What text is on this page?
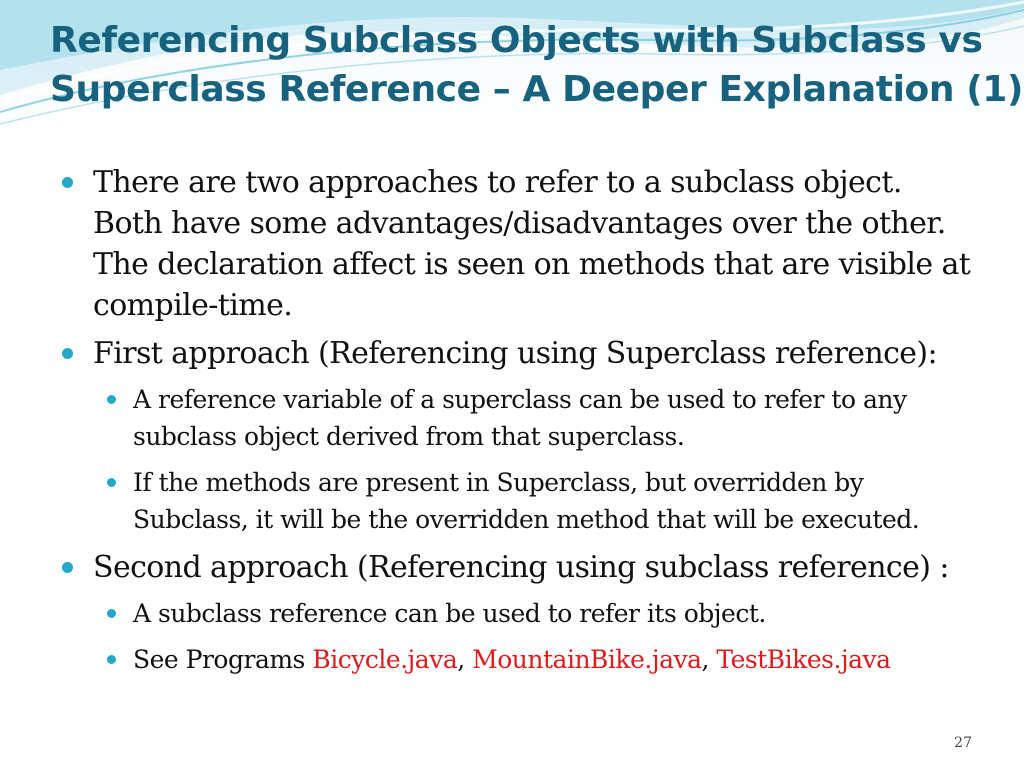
Referencing Subclass Objects with Subclass vs
Superclass Reference – A Deeper Explanation (1)
There are two approaches to refer to a subclass object. Both have some advantages/disadvantages over the other. The declaration affect is seen on methods that are visible at compile-time.
First approach (Referencing using Superclass reference):
A reference variable of a superclass can be used to refer to any subclass object derived from that superclass.
If the methods are present in Superclass, but overridden by Subclass, it will be the overridden method that will be executed.
Second approach (Referencing using subclass reference) :
A subclass reference can be used to refer its object.
See Programs Bicycle.java, MountainBike.java, TestBikes.java
27
